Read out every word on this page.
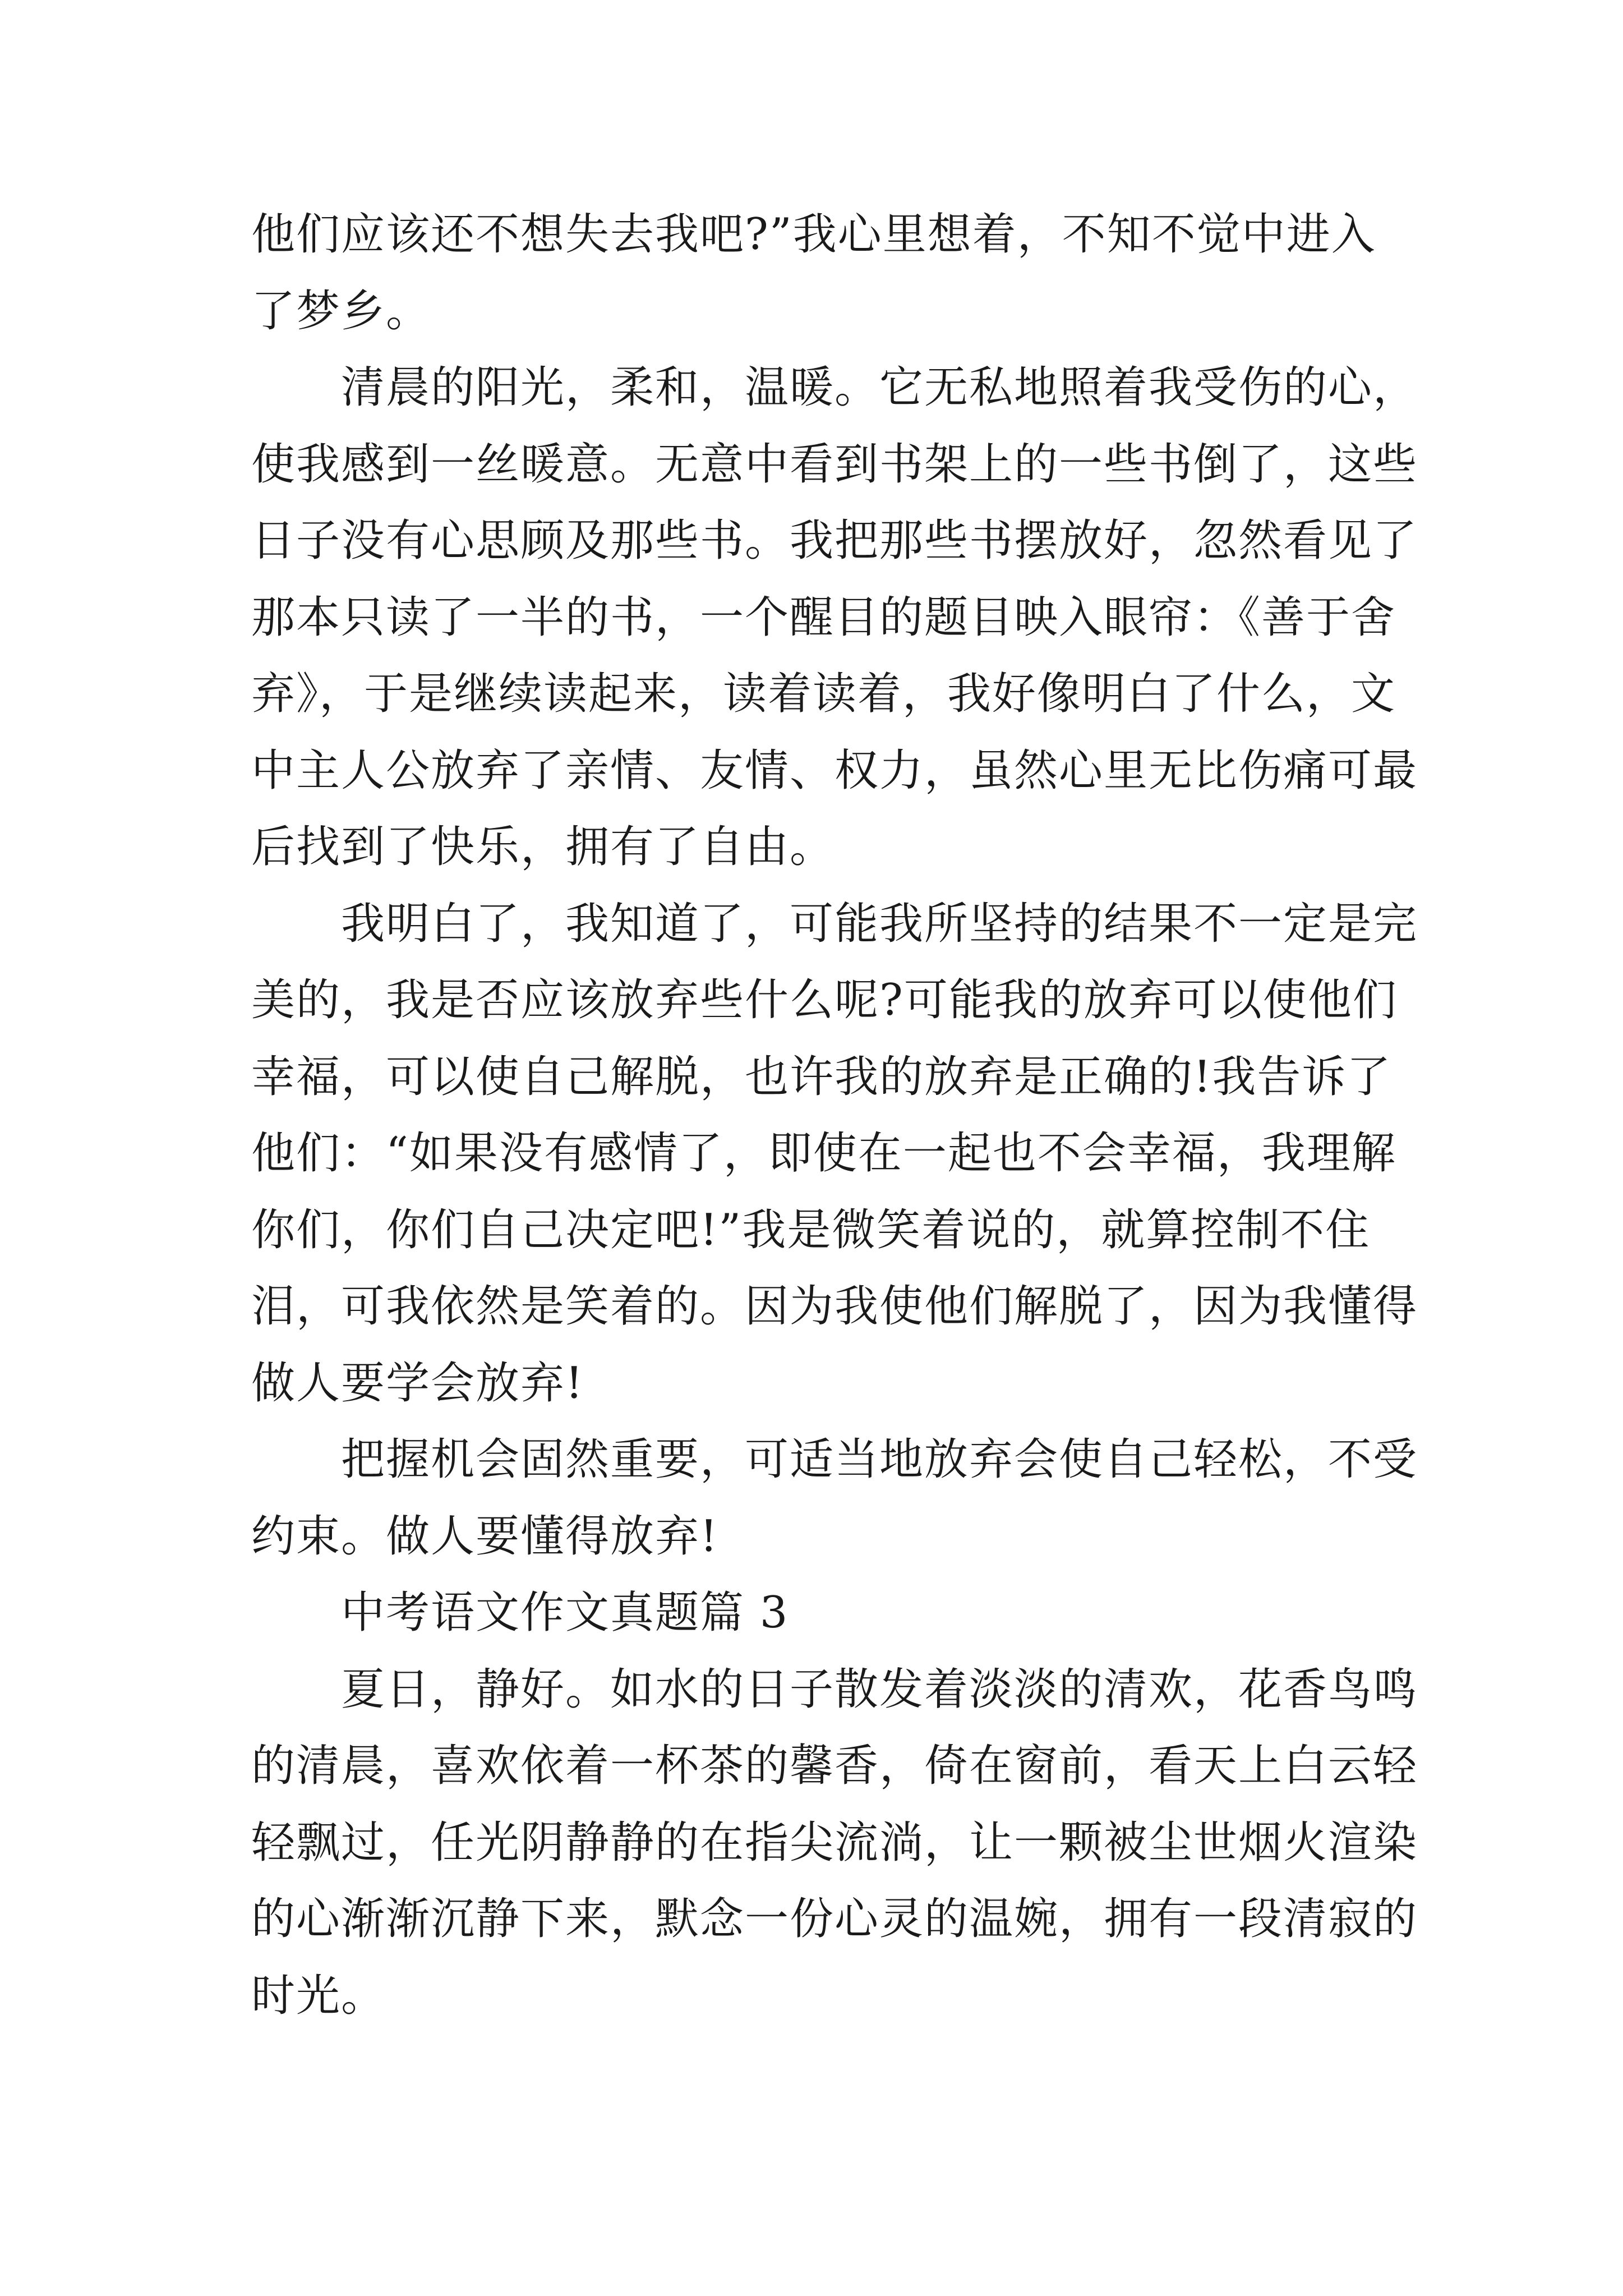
他们应该还不想失去我吧?”我心里想着，不知不觉中进入
了梦乡。

清晨的阳光，柔和，温暖。它无私地照着我受伤的心，
使我感到一丝暖意。无意中看到书架上的一些书倒了，这些
日子没有心思顾及那些书。我把那些书摆放好，忽然看见了
那本只读了一半的书，一个醒目的题目映入眼帘：《善于舍
弃》，于是继续读起来，读着读着，我好像明白了什么，文
中主人公放弃了亲情、友情、权力，虽然心里无比伤痛可最
后找到了快乐，拥有了自由。

我明白了，我知道了，可能我所坚持的结果不一定是完
美的，我是否应该放弃些什么呢?可能我的放弃可以使他们
幸福，可以使自己解脱，也许我的放弃是正确的!我告诉了
他们：“如果没有感情了，即使在一起也不会幸福，我理解
你们，你们自己决定吧!”我是微笑着说的，就算控制不住
泪，可我依然是笑着的。因为我使他们解脱了，因为我懂得
做人要学会放弃!

把握机会固然重要，可适当地放弃会使自己轻松，不受
约束。做人要懂得放弃!

中考语文作文真题篇 3

夏日，静好。如水的日子散发着淡淡的清欢，花香鸟鸣
的清晨，喜欢依着一杯茶的馨香，倚在窗前，看天上白云轻
轻飘过，任光阴静静的在指尖流淌，让一颗被尘世烟火渲染
的心渐渐沉静下来，默念一份心灵的温婉，拥有一段清寂的
时光。
